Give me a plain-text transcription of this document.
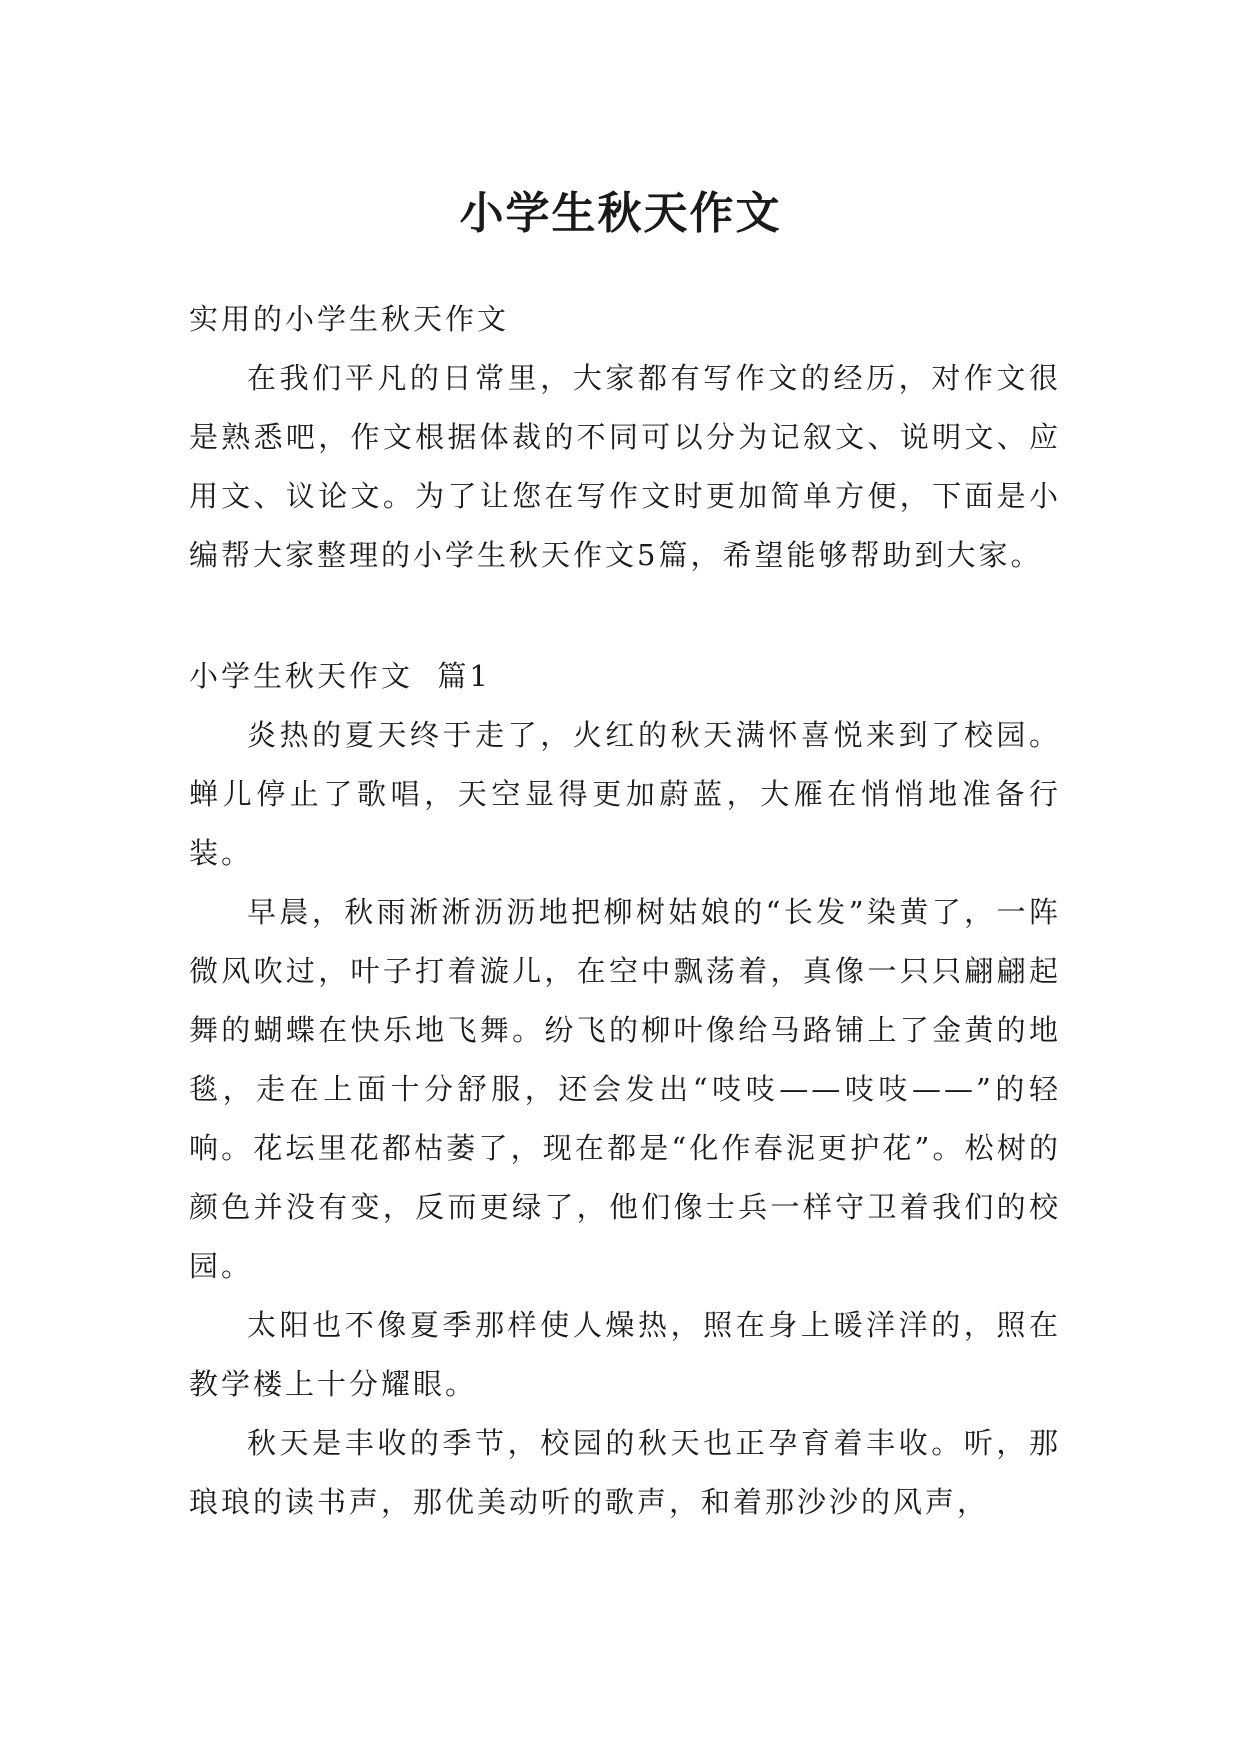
小学生秋天作文

实用的小学生秋天作文

在我们平凡的日常里，大家都有写作文的经历，对作文很是熟悉吧，作文根据体裁的不同可以分为记叙文、说明文、应用文、议论文。为了让您在写作文时更加简单方便，下面是小编帮大家整理的小学生秋天作文5篇，希望能够帮助到大家。

小学生秋天作文  篇1

炎热的夏天终于走了，火红的秋天满怀喜悦来到了校园。蝉儿停止了歌唱，天空显得更加蔚蓝，大雁在悄悄地准备行装。

早晨，秋雨淅淅沥沥地把柳树姑娘的“长发”染黄了，一阵微风吹过，叶子打着漩儿，在空中飘荡着，真像一只只翩翩起舞的蝴蝶在快乐地飞舞。纷飞的柳叶像给马路铺上了金黄的地毯，走在上面十分舒服，还会发出“吱吱——吱吱——”的轻响。花坛里花都枯萎了，现在都是“化作春泥更护花”。松树的颜色并没有变，反而更绿了，他们像士兵一样守卫着我们的校园。

太阳也不像夏季那样使人燥热，照在身上暖洋洋的，照在教学楼上十分耀眼。

秋天是丰收的季节，校园的秋天也正孕育着丰收。听，那琅琅的读书声，那优美动听的歌声，和着那沙沙的风声，
